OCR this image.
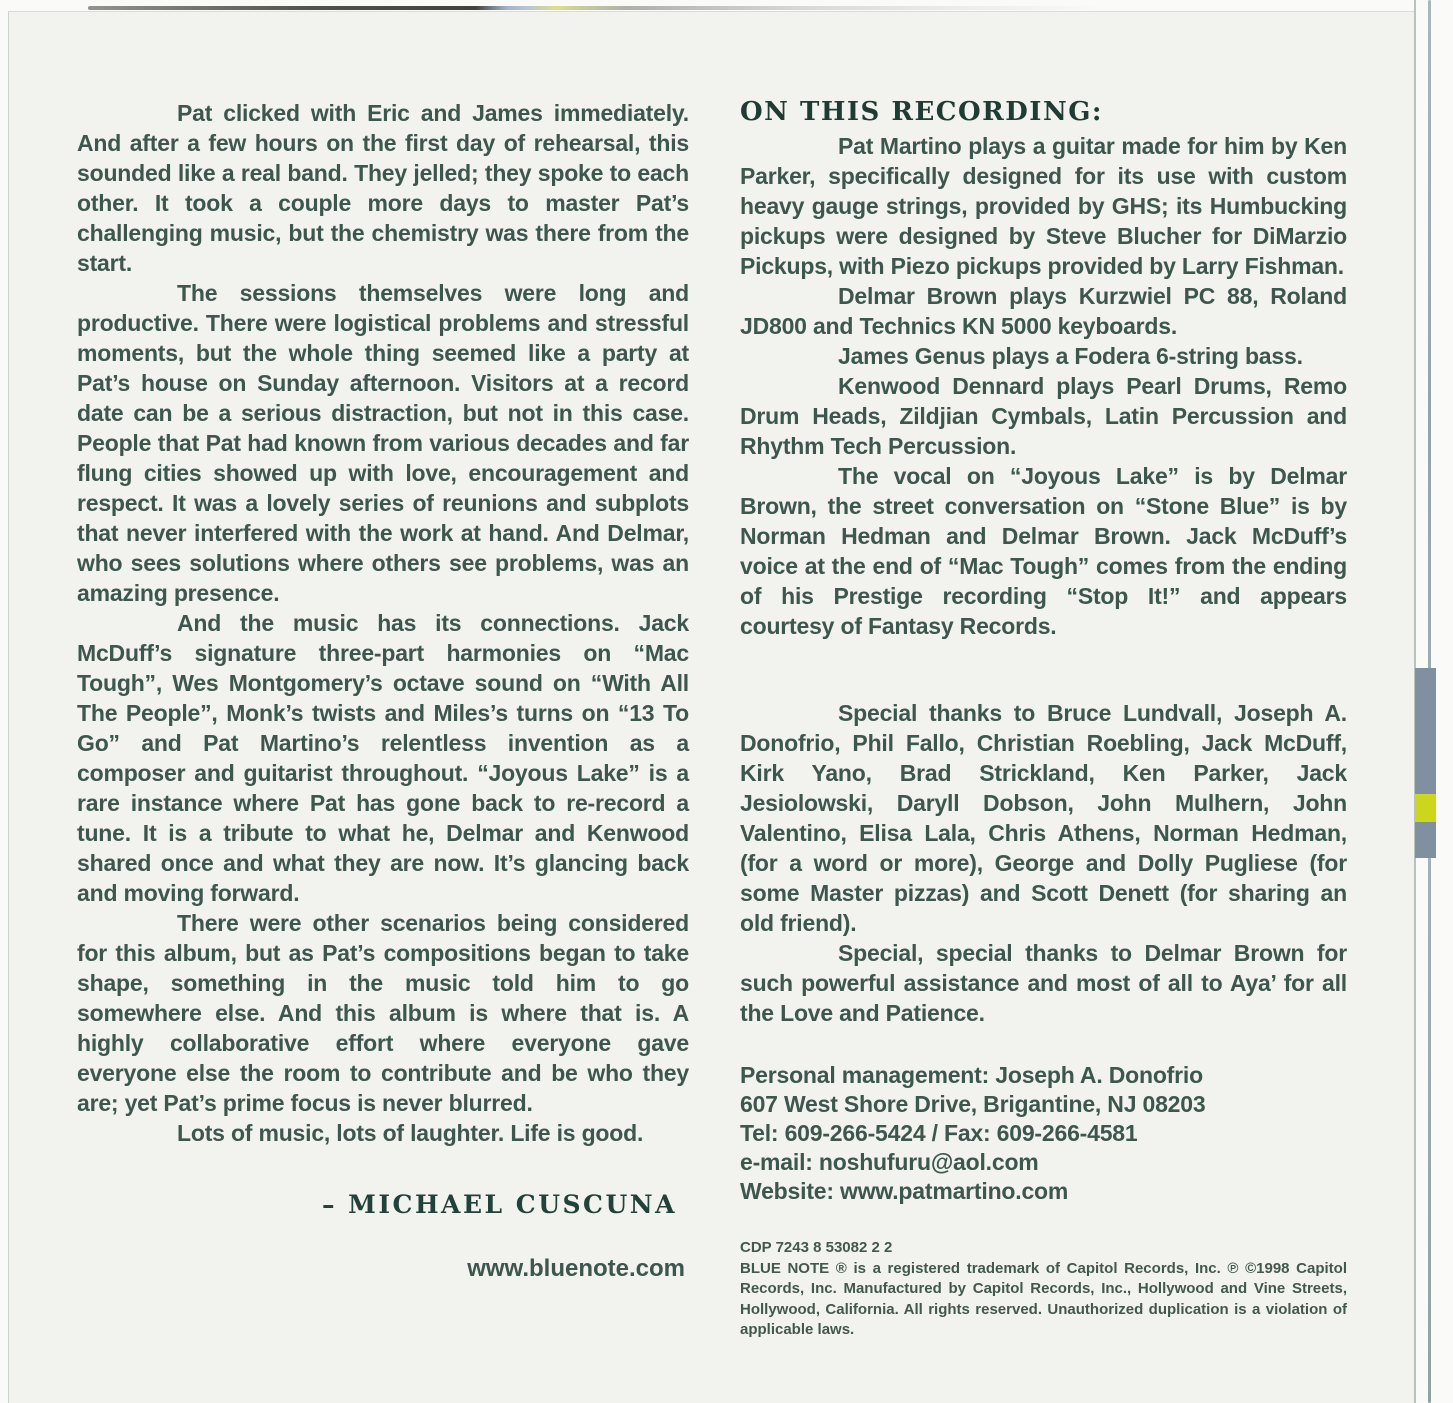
Pat clicked with Eric and James immediately. And after a few hours on the first day of rehearsal, this sounded like a real band. They jelled; they spoke to each other. It took a couple more days to master Pat’s challenging music, but the chemistry was there from the start.

The sessions themselves were long and productive. There were logistical problems and stressful moments, but the whole thing seemed like a party at Pat’s house on Sunday afternoon. Visitors at a record date can be a serious distraction, but not in this case. People that Pat had known from various decades and far flung cities showed up with love, encouragement and respect. It was a lovely series of reunions and subplots that never interfered with the work at hand. And Delmar, who sees solutions where others see problems, was an amazing presence.

And the music has its connections. Jack McDuff’s signature three-part harmonies on “Mac Tough”, Wes Montgomery’s octave sound on “With All The People”, Monk’s twists and Miles’s turns on “13 To Go” and Pat Martino’s relentless invention as a composer and guitarist throughout. “Joyous Lake” is a rare instance where Pat has gone back to re-record a tune. It is a tribute to what he, Delmar and Kenwood shared once and what they are now. It’s glancing back and moving forward.

There were other scenarios being considered for this album, but as Pat’s compositions began to take shape, something in the music told him to go somewhere else. And this album is where that is. A highly collaborative effort where everyone gave everyone else the room to contribute and be who they are; yet Pat’s prime focus is never blurred.

Lots of music, lots of laughter. Life is good.

– MICHAEL CUSCUNA
www.bluenote.com
ON THIS RECORDING:

Pat Martino plays a guitar made for him by Ken Parker, specifically designed for its use with custom heavy gauge strings, provided by GHS; its Humbucking pickups were designed by Steve Blucher for DiMarzio Pickups, with Piezo pickups provided by Larry Fishman.

Delmar Brown plays Kurzwiel PC 88, Roland JD800 and Technics KN 5000 keyboards.

James Genus plays a Fodera 6-string bass.

Kenwood Dennard plays Pearl Drums, Remo Drum Heads, Zildjian Cymbals, Latin Percussion and Rhythm Tech Percussion.

The vocal on “Joyous Lake” is by Delmar Brown, the street conversation on “Stone Blue” is by Norman Hedman and Delmar Brown. Jack McDuff’s voice at the end of “Mac Tough” comes from the ending of his Prestige recording “Stop It!” and appears courtesy of Fantasy Records.

Special thanks to Bruce Lundvall, Joseph A. Donofrio, Phil Fallo, Christian Roebling, Jack McDuff, Kirk Yano, Brad Strickland, Ken Parker, Jack Jesiolowski, Daryll Dobson, John Mulhern, John Valentino, Elisa Lala, Chris Athens, Norman Hedman, (for a word or more), George and Dolly Pugliese (for some Master pizzas) and Scott Denett (for sharing an old friend).

Special, special thanks to Delmar Brown for such powerful assistance and most of all to Aya’ for all the Love and Patience.

Personal management: Joseph A. Donofrio
607 West Shore Drive, Brigantine, NJ 08203
Tel: 609-266-5424 / Fax: 609-266-4581
e-mail: noshufuru@aol.com
Website: www.patmartino.com
CDP 7243 8 53082 2 2

BLUE NOTE ® is a registered trademark of Capitol Records, Inc. ℗ ©1998 Capitol Records, Inc. Manufactured by Capitol Records, Inc., Hollywood and Vine Streets, Hollywood, California. All rights reserved. Unauthorized duplication is a violation of applicable laws.
